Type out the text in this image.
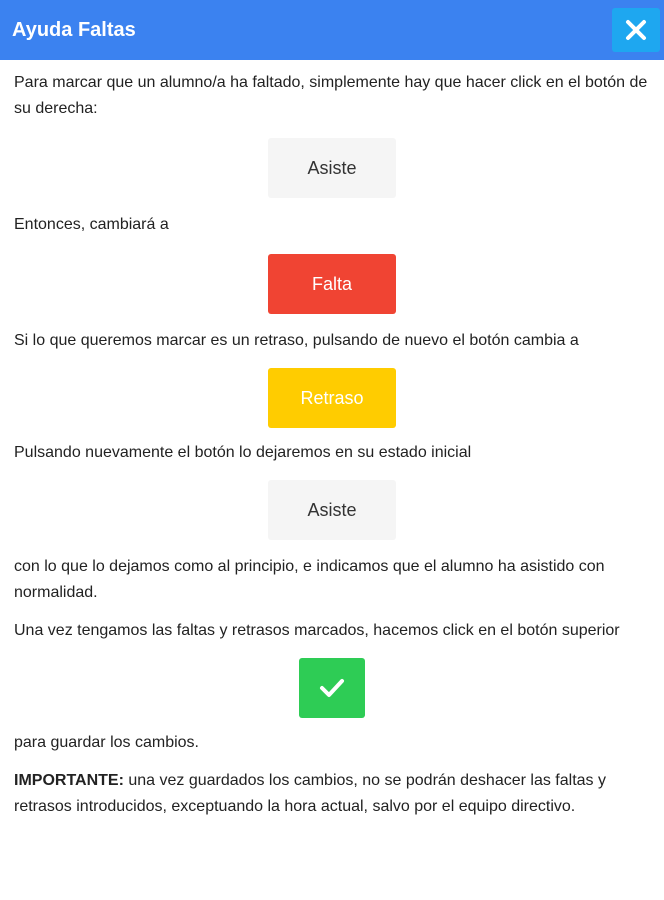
Ayuda Faltas

Para marcar que un alumno/a ha faltado, simplemente hay que hacer click en el botón de su derecha:

Asiste

Entonces, cambiará a

Falta

Si lo que queremos marcar es un retraso, pulsando de nuevo el botón cambia a

Retraso

Pulsando nuevamente el botón lo dejaremos en su estado inicial

Asiste

con lo que lo dejamos como al principio, e indicamos que el alumno ha asistido con normalidad.

Una vez tengamos las faltas y retrasos marcados, hacemos click en el botón superior

para guardar los cambios.

IMPORTANTE: una vez guardados los cambios, no se podrán deshacer las faltas y retrasos introducidos, exceptuando la hora actual, salvo por el equipo directivo.
